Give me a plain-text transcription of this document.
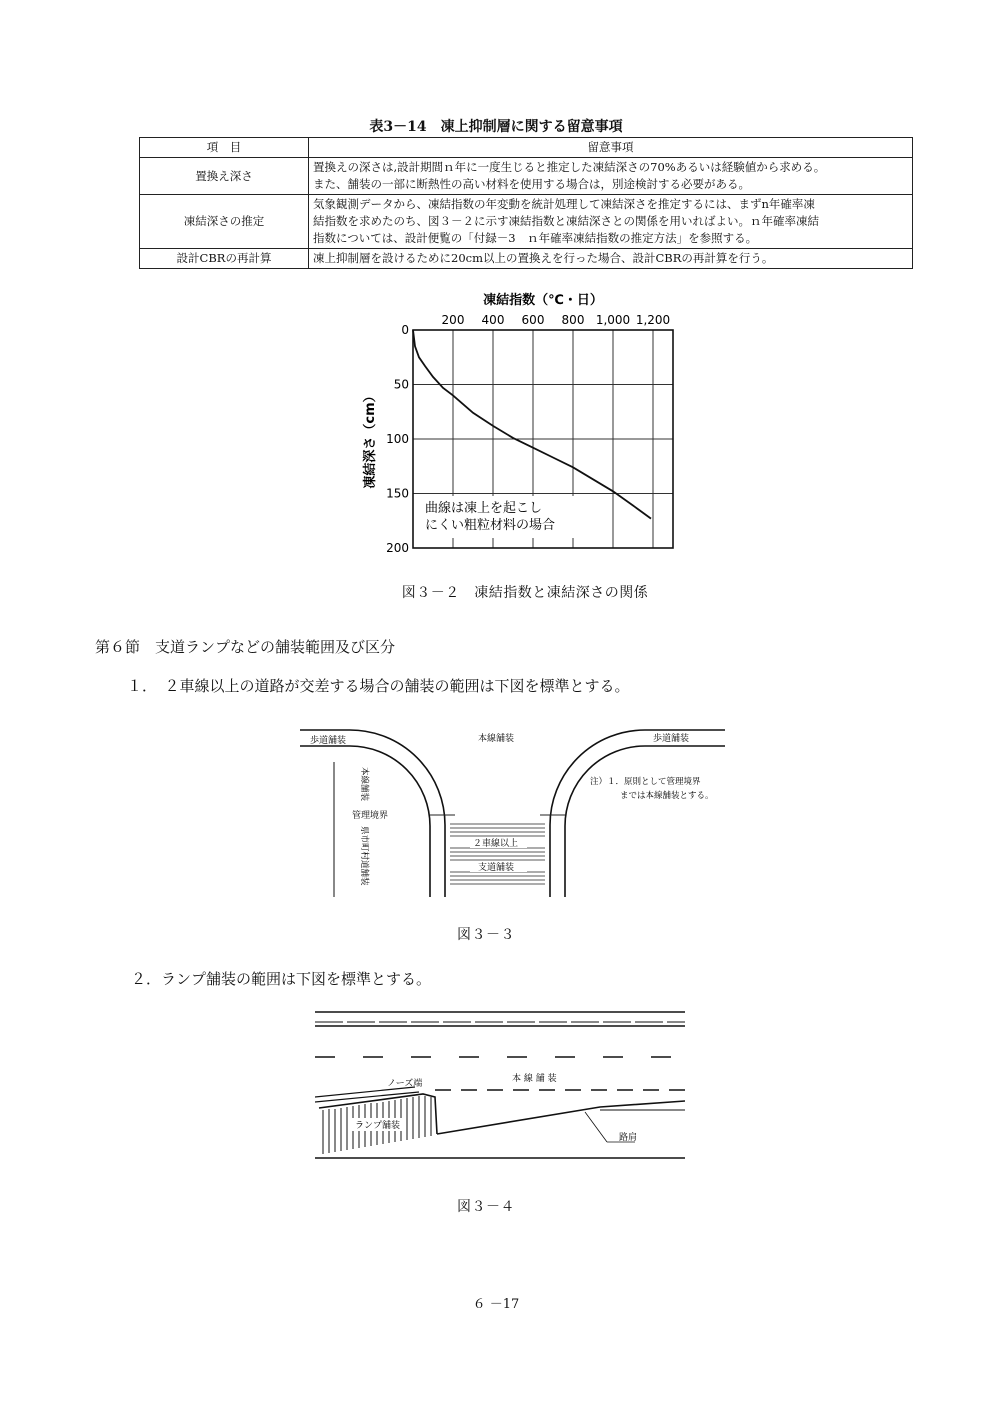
表3－14　凍上抑制層に関する留意事項
項　目	留意事項
置換え深さ	置換えの深さは,設計期間ｎ年に一度生じると推定した凍結深さの70%あるいは経験値から求める。
また、舗装の一部に断熱性の高い材料を使用する場合は，別途検討する必要がある。

凍結深さの推定	気象観測データから、凍結指数の年変動を統計処理して凍結深さを推定するには、まずn年確率凍
結指数を求めたのち、図３－２に示す凍結指数と凍結深さとの関係を用いればよい。ｎ年確率凍結
指数については、設計便覧の「付録－3　ｎ年確率凍結指数の推定方法」を参照する。

設計CBRの再計算	凍上抑制層を設けるために20cm以上の置換えを行った場合、設計CBRの再計算を行う。
200 400 600 800 1,000 1,200
0
50
100
150
200
凍結指数（℃・日）
凍結深さ（cm）
曲線は凍上を起こし
にくい粗粒材料の場合
図３－２　凍結指数と凍結深さの関係
第６節　支道ランプなどの舗装範囲及び区分
１．　２車線以上の道路が交差する場合の舗装の範囲は下図を標準とする。
歩道舗装	本線舗装	歩道舗装
本線舗装
管理境界
県市町村道舗装	２車線以上
支道舗装
注）１．原則として管理境界
までは本線舗装とする。
図３－３
２．ランプ舗装の範囲は下図を標準とする。
ランプ舗装
ノーズ端	本 線 舗 装
路肩
図３－４
６ －17
